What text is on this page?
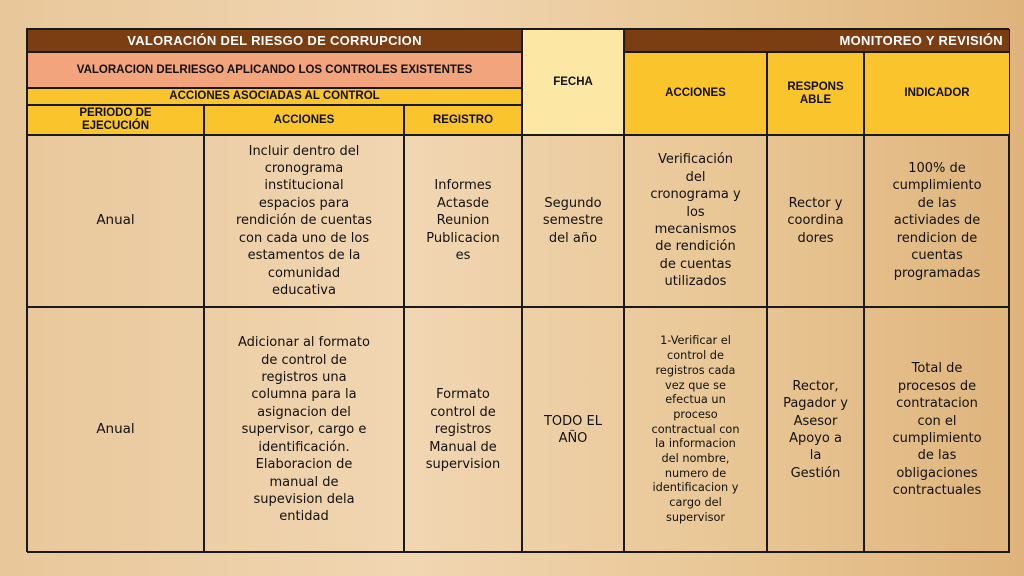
VALORACIÓN DEL RIESGO DE CORRUPCION
FECHA
MONITOREO Y REVISIÓN
VALORACION DELRIESGO APLICANDO LOS CONTROLES EXISTENTES
ACCIONES
RESPONS
ABLE
INDICADOR
ACCIONES ASOCIADAS AL CONTROL
PERIODO DE EJECUCIÓN
ACCIONES	REGISTRO
Anual
Incluir dentro del
cronograma
institucional
espacios para
rendición de cuentas
con cada uno de los
estamentos de la
comunidad
educativa
Informes
Actasde
Reunion
Publicacion
es
Segundo
semestre
del año
Verificación
del
cronograma y
los
mecanismos
de rendición
de cuentas
utilizados
Rector y
coordina
dores
100% de
cumplimiento
de las
activiades de
rendicion de
cuentas
programadas
Anual
Adicionar al formato
de control de
registros una
columna para la
asignacion del
supervisor, cargo e
identificación.
Elaboracion de
manual de
supevision dela
entidad
Formato
control de
registros
Manual de
supervision
TODO EL
AÑO
1-Verificar el
control de
registros cada
vez que se
efectua un
proceso
contractual con
la informacion
del nombre,
numero de
identificacion y
cargo del
supervisor
Rector,
Pagador y
Asesor
Apoyo a
la
Gestión
Total de
procesos de
contratacion
con el
cumplimiento
de las
obligaciones
contractuales
